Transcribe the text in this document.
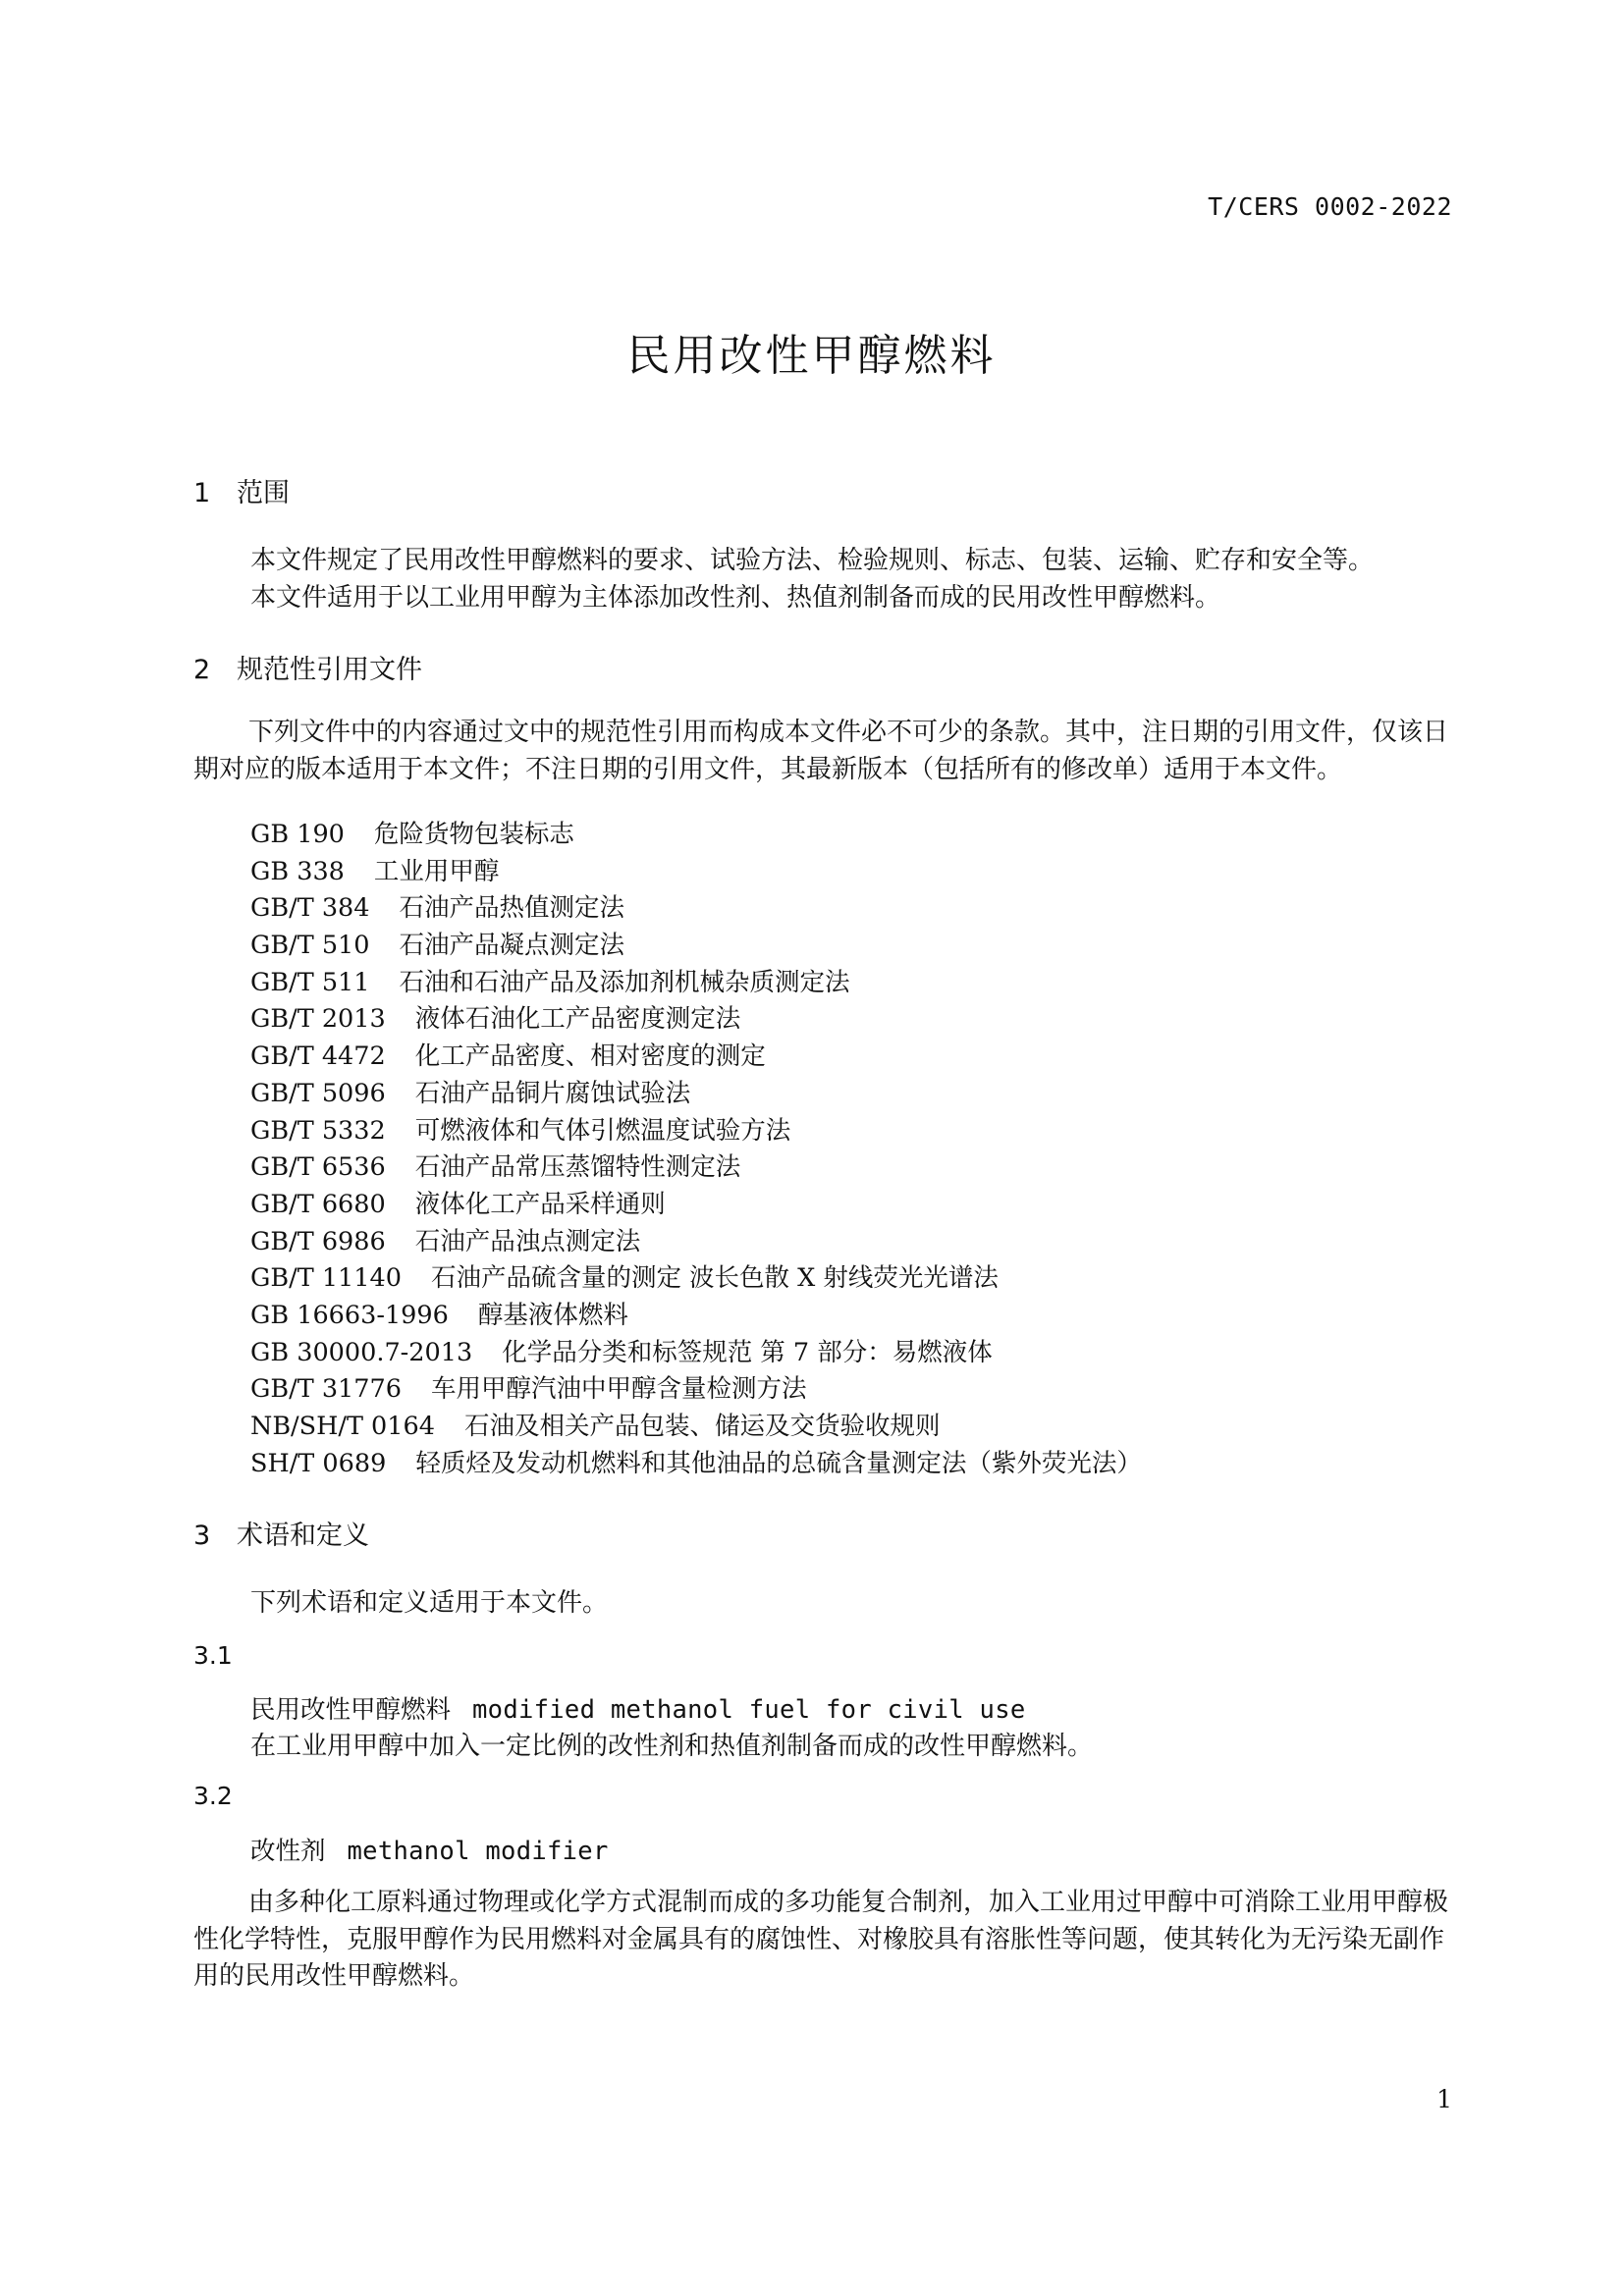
T/CERS 0002-2022
民用改性甲醇燃料
1 范围
本文件规定了民用改性甲醇燃料的要求、试验方法、检验规则、标志、包装、运输、贮存和安全等。
本文件适用于以工业用甲醇为主体添加改性剂、热值剂制备而成的民用改性甲醇燃料。
2 规范性引用文件

下列文件中的内容通过文中的规范性引用而构成本文件必不可少的条款。其中，注日期的引用文件，仅该日期对应的版本适用于本文件；不注日期的引用文件，其最新版本（包括所有的修改单）适用于本文件。

GB 190 危险货物包装标志
GB 338 工业用甲醇
GB/T 384 石油产品热值测定法
GB/T 510 石油产品凝点测定法
GB/T 511 石油和石油产品及添加剂机械杂质测定法
GB/T 2013 液体石油化工产品密度测定法
GB/T 4472 化工产品密度、相对密度的测定
GB/T 5096 石油产品铜片腐蚀试验法
GB/T 5332 可燃液体和气体引燃温度试验方法
GB/T 6536 石油产品常压蒸馏特性测定法
GB/T 6680 液体化工产品采样通则
GB/T 6986 石油产品浊点测定法
GB/T 11140 石油产品硫含量的测定 波长色散 X 射线荧光光谱法
GB 16663-1996 醇基液体燃料
GB 30000.7-2013 化学品分类和标签规范 第 7 部分：易燃液体
GB/T 31776 车用甲醇汽油中甲醇含量检测方法
NB/SH/T 0164 石油及相关产品包装、储运及交货验收规则
SH/T 0689 轻质烃及发动机燃料和其他油品的总硫含量测定法（紫外荧光法）
3 术语和定义
下列术语和定义适用于本文件。
3.1
民用改性甲醇燃料 modified methanol fuel for civil use
在工业用甲醇中加入一定比例的改性剂和热值剂制备而成的改性甲醇燃料。
3.2
改性剂 methanol modifier

由多种化工原料通过物理或化学方式混制而成的多功能复合制剂，加入工业用过甲醇中可消除工业用甲醇极性化学特性，克服甲醇作为民用燃料对金属具有的腐蚀性、对橡胶具有溶胀性等问题，使其转化为无污染无副作用的民用改性甲醇燃料。

1
